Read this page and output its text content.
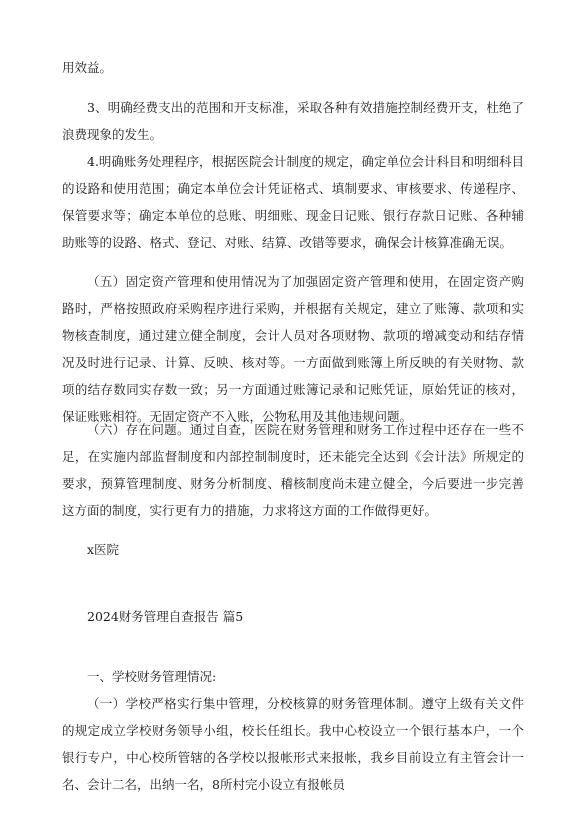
用效益。

3、明确经费支出的范围和开支标准，采取各种有效措施控制经费开支，杜绝了浪费现象的发生。

4.明确账务处理程序，根据医院会计制度的规定，确定单位会计科目和明细科目的设路和使用范围；确定本单位会计凭证格式、填制要求、审核要求、传递程序、保管要求等；确定本单位的总账、明细账、现金日记账、银行存款日记账、各种辅助账等的设路、格式、登记、对账、结算、改错等要求，确保会计核算准确无误。

（五）固定资产管理和使用情况为了加强固定资产管理和使用，在固定资产购路时，严格按照政府采购程序进行采购，并根据有关规定，建立了账簿、款项和实物核查制度，通过建立健全制度，会计人员对各项财物、款项的增减变动和结存情况及时进行记录、计算、反映、核对等。一方面做到账簿上所反映的有关财物、款项的结存数同实存数一致；另一方面通过账簿记录和记账凭证，原始凭证的核对，保证账账相符。无固定资产不入账，公物私用及其他违规问题。

（六）存在问题。通过自查，医院在财务管理和财务工作过程中还存在一些不足，在实施内部监督制度和内部控制制度时，还未能完全达到《会计法》所规定的要求，预算管理制度、财务分析制度、稽核制度尚未建立健全，今后要进一步完善这方面的制度，实行更有力的措施，力求将这方面的工作做得更好。

x医院

2024财务管理自查报告 篇5

一、学校财务管理情况:

（一）学校严格实行集中管理，分校核算的财务管理体制。遵守上级有关文件的规定成立学校财务领导小组，校长任组长。我中心校设立一个银行基本户，一个银行专户，中心校所管辖的各学校以报帐形式来报帐，我乡目前设立有主管会计一名、会计二名，出纳一名，8所村完小设立有报帐员
